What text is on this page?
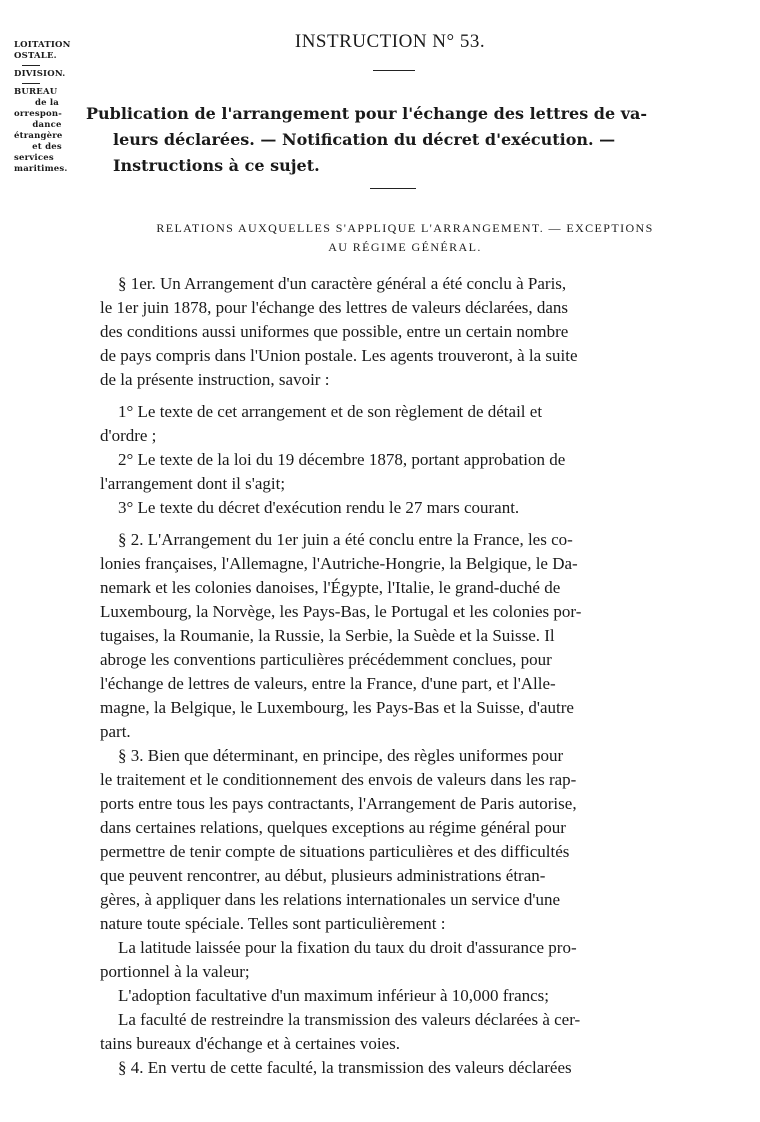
LOITATION
OSTALE.
DIVISION.
BUREAU
de la
orrespon-
dance
étrangère
et des
services
maritimes.
INSTRUCTION N° 53.
Publication de l'arrangement pour l'échange des lettres de va-
leurs déclarées. — Notification du décret d'exécution. —
Instructions à ce sujet.
RELATIONS AUXQUELLES S'APPLIQUE L'ARRANGEMENT. — EXCEPTIONS
AU RÉGIME GÉNÉRAL.
§ 1er. Un Arrangement d'un caractère général a été conclu à Paris,
le 1er juin 1878, pour l'échange des lettres de valeurs déclarées, dans
des conditions aussi uniformes que possible, entre un certain nombre
de pays compris dans l'Union postale. Les agents trouveront, à la suite
de la présente instruction, savoir :
1° Le texte de cet arrangement et de son règlement de détail et
d'ordre ;
2° Le texte de la loi du 19 décembre 1878, portant approbation de
l'arrangement dont il s'agit;
3° Le texte du décret d'exécution rendu le 27 mars courant.
§ 2. L'Arrangement du 1er juin a été conclu entre la France, les co-
lonies françaises, l'Allemagne, l'Autriche-Hongrie, la Belgique, le Da-
nemark et les colonies danoises, l'Égypte, l'Italie, le grand-duché de
Luxembourg, la Norvège, les Pays-Bas, le Portugal et les colonies por-
tugaises, la Roumanie, la Russie, la Serbie, la Suède et la Suisse. Il
abroge les conventions particulières précédemment conclues, pour
l'échange de lettres de valeurs, entre la France, d'une part, et l'Alle-
magne, la Belgique, le Luxembourg, les Pays-Bas et la Suisse, d'autre
part.
§ 3. Bien que déterminant, en principe, des règles uniformes pour
le traitement et le conditionnement des envois de valeurs dans les rap-
ports entre tous les pays contractants, l'Arrangement de Paris autorise,
dans certaines relations, quelques exceptions au régime général pour
permettre de tenir compte de situations particulières et des difficultés
que peuvent rencontrer, au début, plusieurs administrations étran-
gères, à appliquer dans les relations internationales un service d'une
nature toute spéciale. Telles sont particulièrement :
La latitude laissée pour la fixation du taux du droit d'assurance pro-
portionnel à la valeur;
L'adoption facultative d'un maximum inférieur à 10,000 francs;
La faculté de restreindre la transmission des valeurs déclarées à cer-
tains bureaux d'échange et à certaines voies.
§ 4. En vertu de cette faculté, la transmission des valeurs déclarées
